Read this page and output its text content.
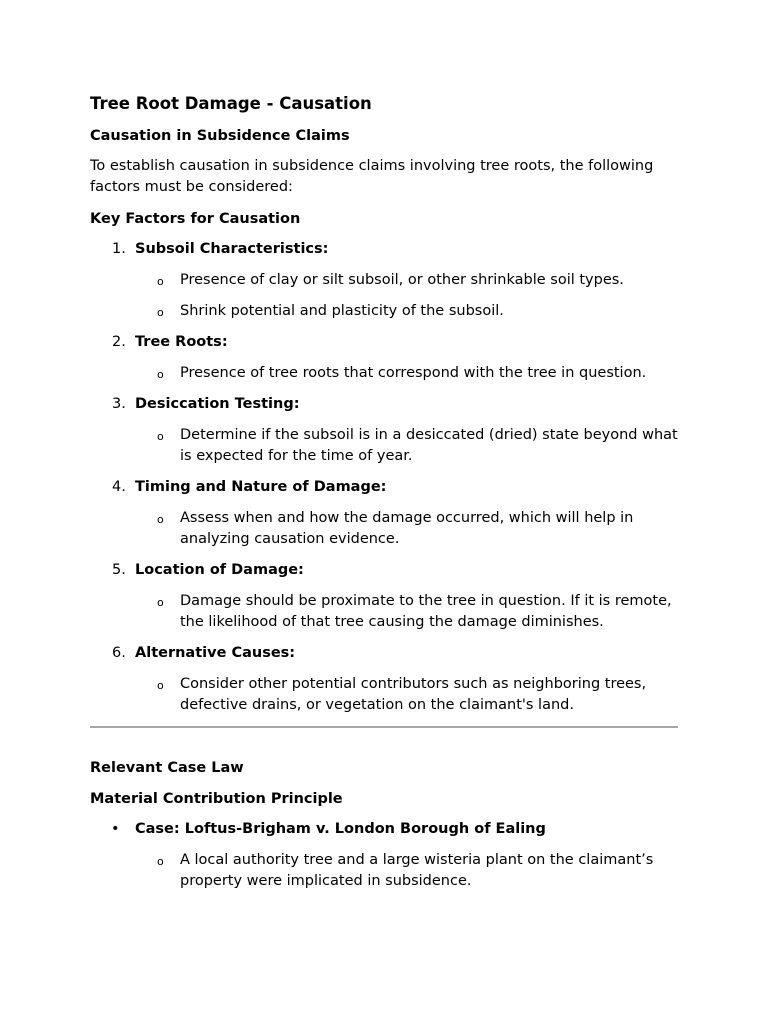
Tree Root Damage - Causation
Causation in Subsidence Claims

To establish causation in subsidence claims involving tree roots, the following factors must be considered:

Key Factors for Causation
1. Subsoil Characteristics:
o Presence of clay or silt subsoil, or other shrinkable soil types.
o Shrink potential and plasticity of the subsoil.
2. Tree Roots:
o Presence of tree roots that correspond with the tree in question.
3. Desiccation Testing:
o Determine if the subsoil is in a desiccated (dried) state beyond what is expected for the time of year.
4. Timing and Nature of Damage:
o Assess when and how the damage occurred, which will help in analyzing causation evidence.
5. Location of Damage:
o Damage should be proximate to the tree in question. If it is remote, the likelihood of that tree causing the damage diminishes.
6. Alternative Causes:
o Consider other potential contributors such as neighboring trees, defective drains, or vegetation on the claimant's land.
Relevant Case Law
Material Contribution Principle
• Case: Loftus-Brigham v. London Borough of Ealing
o A local authority tree and a large wisteria plant on the claimant’s property were implicated in subsidence.
